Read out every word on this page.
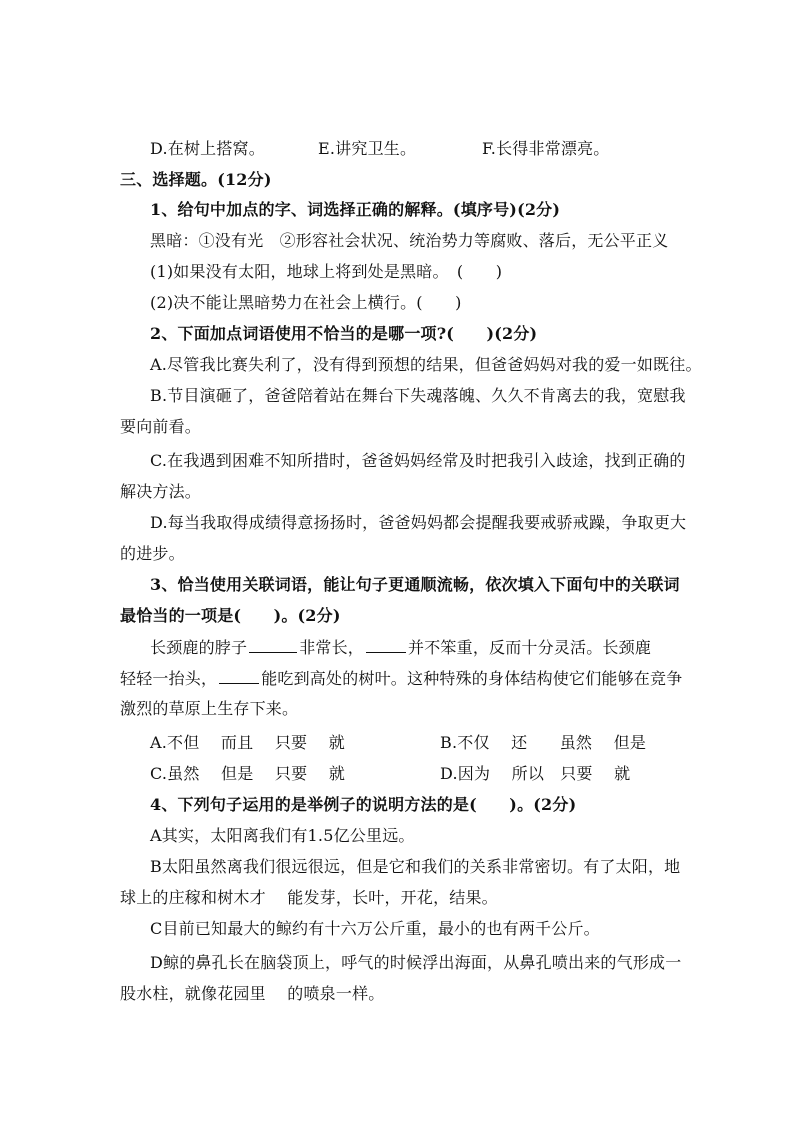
D.在树上搭窝。	E.讲究卫生。	F.长得非常漂亮。
三、选择题。(12分)
1、给句中加点的字、词选择正确的解释。(填序号)(2分)
黑暗：①没有光　②形容社会状况、统治势力等腐败、落后，无公平正义
(1)如果没有太阳，地球上将到处是黑暗。　(　　)
(2)决不能让黑暗势力在社会上横行。(　　)
2、下面加点词语使用不恰当的是哪一项?(　　)(2分)
A.尽管我比赛失利了，没有得到预想的结果，但爸爸妈妈对我的爱一如既往。
B.节目演砸了，爸爸陪着站在舞台下失魂落魄、久久不肯离去的我，宽慰我
要向前看。
C.在我遇到困难不知所措时，爸爸妈妈经常及时把我引入歧途，找到正确的
解决方法。
D.每当我取得成绩得意扬扬时，爸爸妈妈都会提醒我要戒骄戒躁，争取更大
的进步。
3、恰当使用关联词语，能让句子更通顺流畅，依次填入下面句中的关联词
最恰当的一项是(　　)。(2分)
长颈鹿的脖子	非常长，	并不笨重，反而十分灵活。长颈鹿
轻轻一抬头，	能吃到高处的树叶。这种特殊的身体结构使它们能够在竞争
激烈的草原上生存下来。
A.不但　 而且　 只要　 就	B.不仅　 还　　虽然　 但是
C.虽然　 但是　 只要　 就	D.因为　 所以　只要　 就
4、下列句子运用的是举例子的说明方法的是(　　)。(2分)
A其实，太阳离我们有1.5亿公里远。
B太阳虽然离我们很远很远，但是它和我们的关系非常密切。有了太阳，地
球上的庄稼和树木才　 能发芽，长叶，开花，结果。
C目前已知最大的鲸约有十六万公斤重，最小的也有两千公斤。
D鲸的鼻孔长在脑袋顶上，呼气的时候浮出海面，从鼻孔喷出来的气形成一
股水柱，就像花园里　 的喷泉一样。
